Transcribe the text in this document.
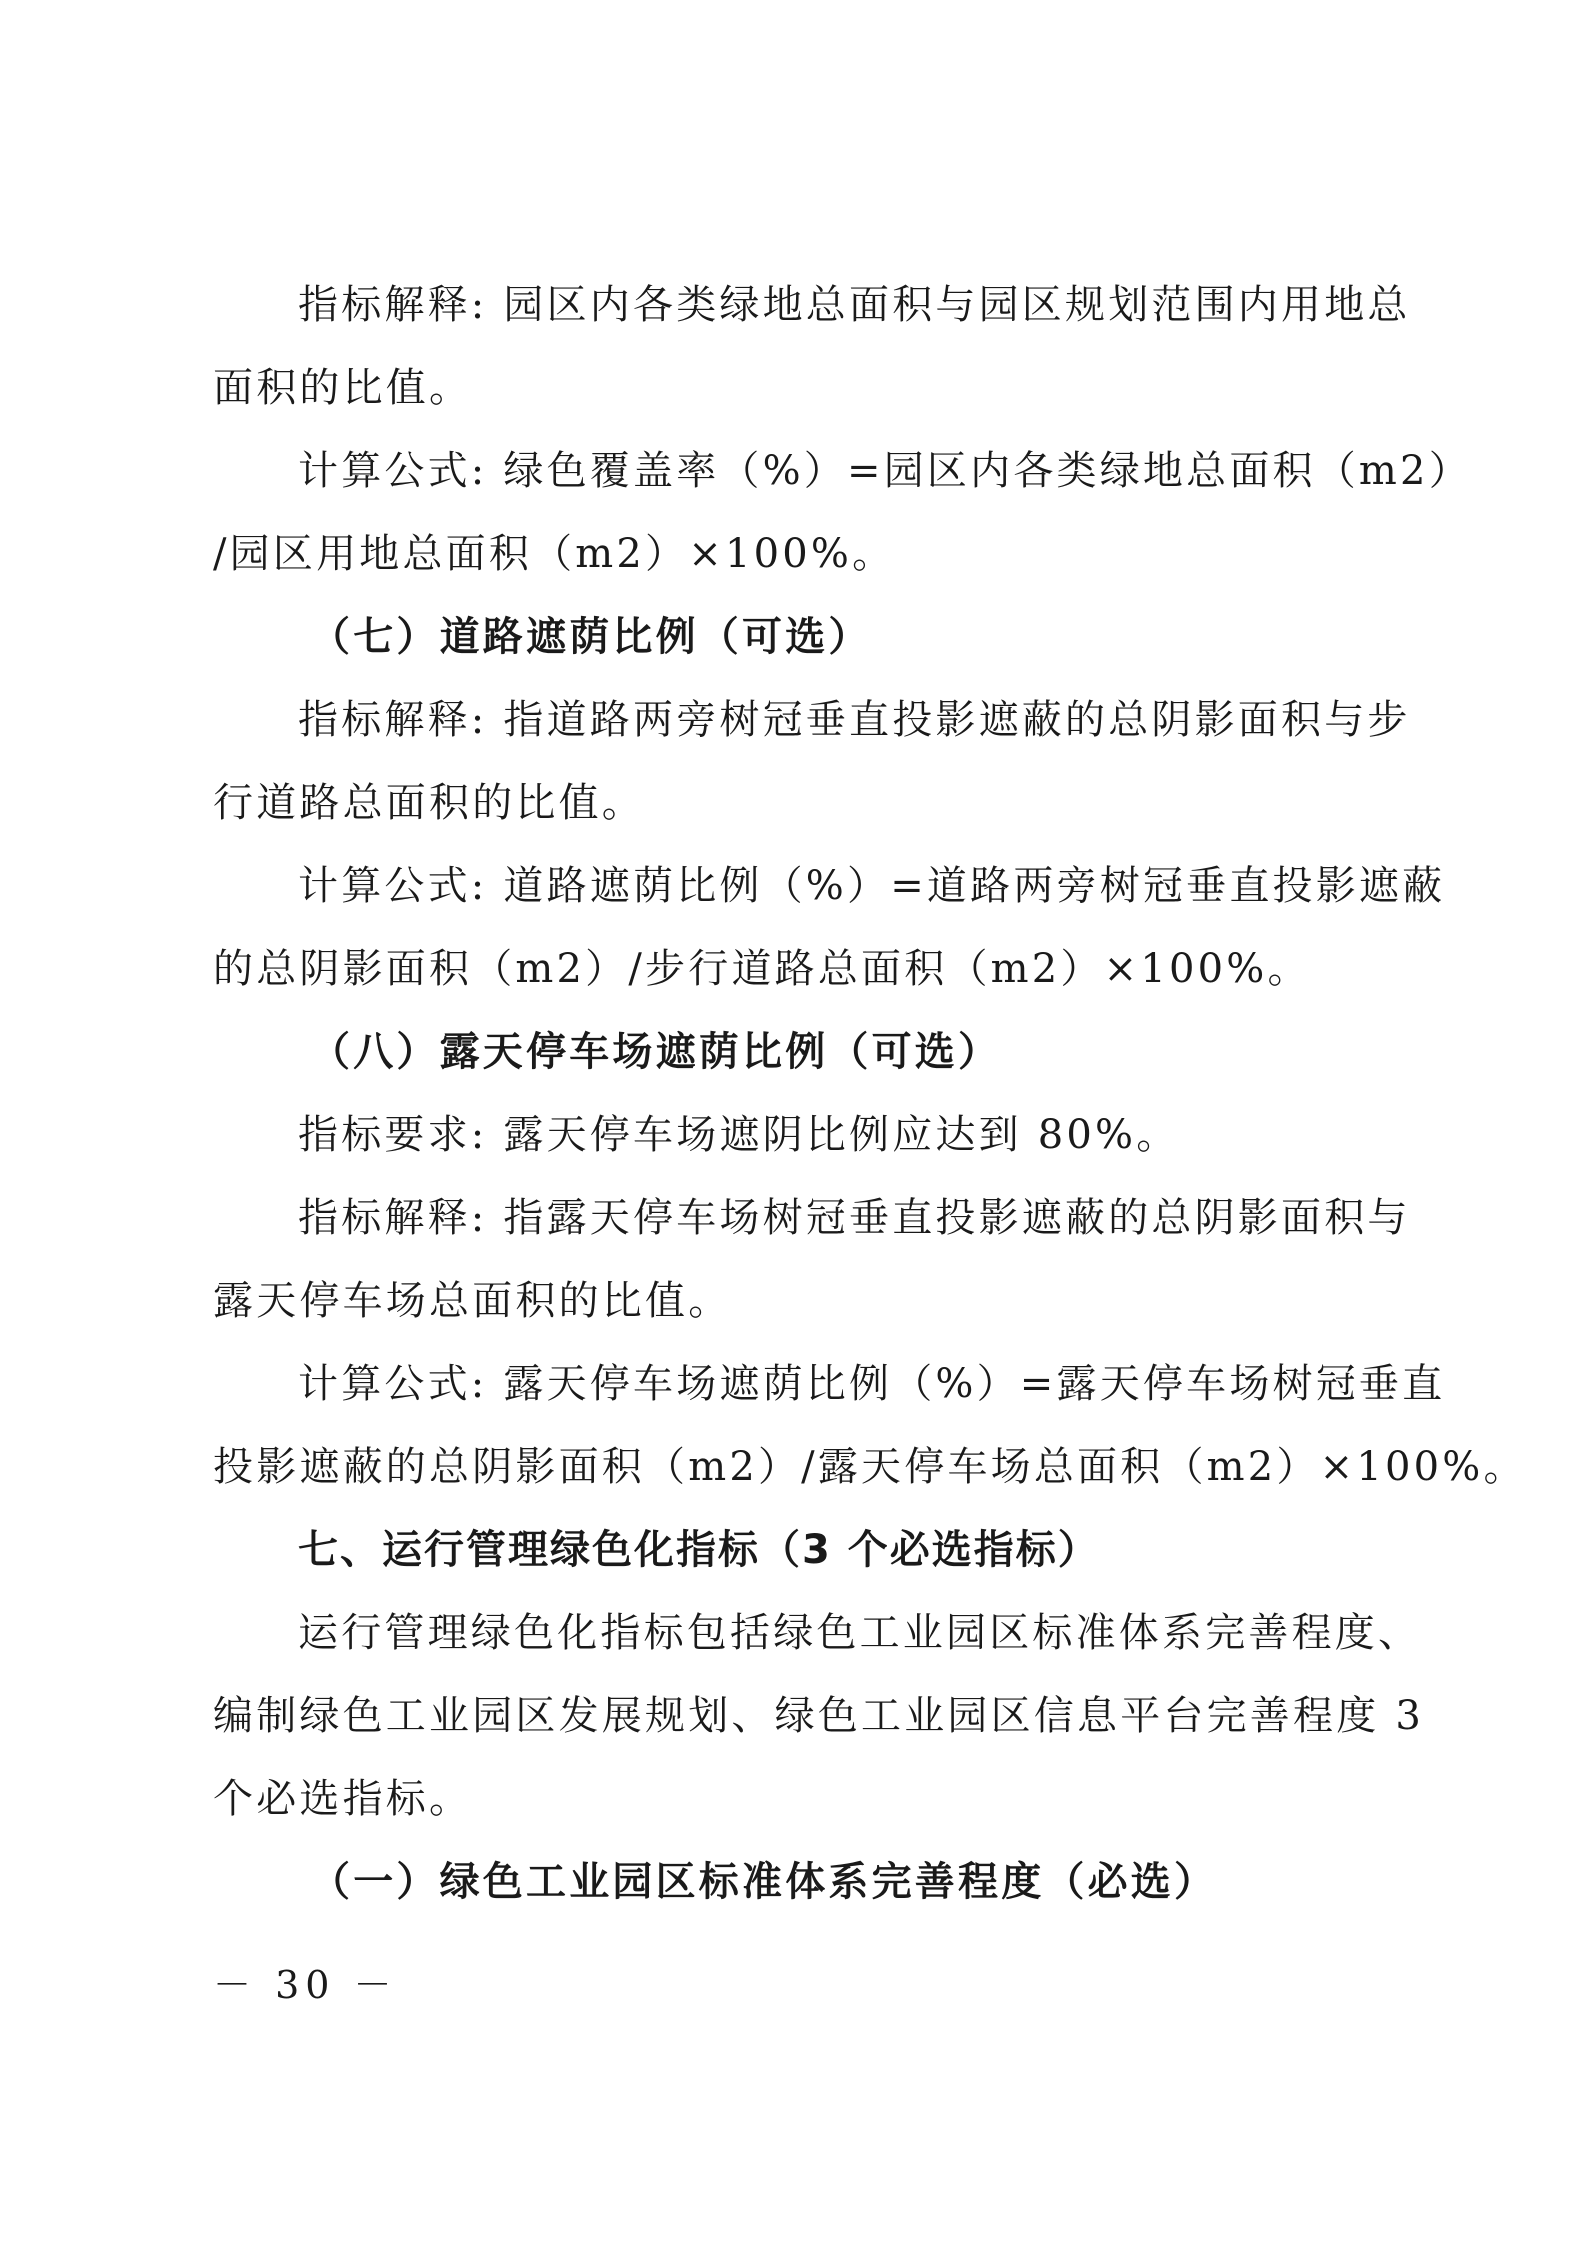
指标解释: 园区内各类绿地总面积与园区规划范围内用地总
面积的比值。
计算公式: 绿色覆盖率（%）=园区内各类绿地总面积（m2）
/园区用地总面积（m2）×100%。
（七）道路遮荫比例（可选）
指标解释: 指道路两旁树冠垂直投影遮蔽的总阴影面积与步
行道路总面积的比值。
计算公式: 道路遮荫比例（%）=道路两旁树冠垂直投影遮蔽
的总阴影面积（m2）/步行道路总面积（m2）×100%。
（八）露天停车场遮荫比例（可选）
指标要求: 露天停车场遮阴比例应达到 80%。
指标解释: 指露天停车场树冠垂直投影遮蔽的总阴影面积与
露天停车场总面积的比值。
计算公式: 露天停车场遮荫比例（%）=露天停车场树冠垂直
投影遮蔽的总阴影面积（m2）/露天停车场总面积（m2）×100%。
七、运行管理绿色化指标（3 个必选指标）
运行管理绿色化指标包括绿色工业园区标准体系完善程度、
编制绿色工业园区发展规划、绿色工业园区信息平台完善程度 3
个必选指标。
（一）绿色工业园区标准体系完善程度（必选）
－ 30 －
